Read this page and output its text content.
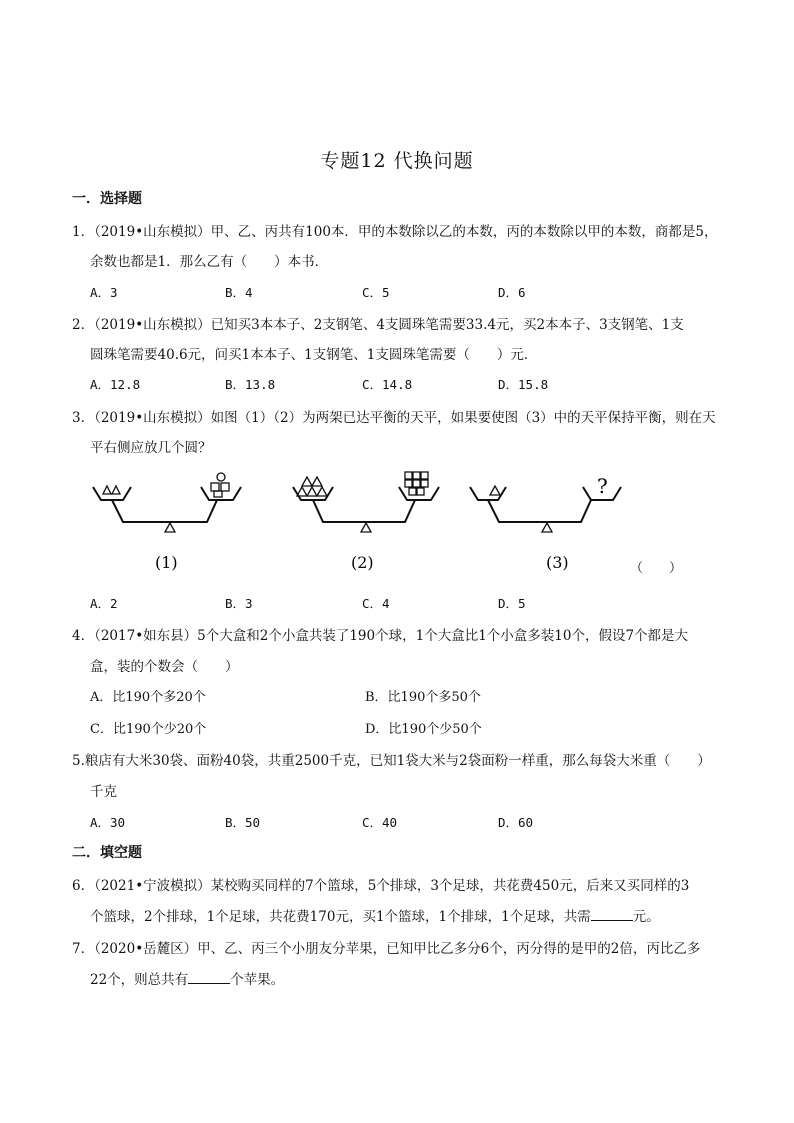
专题12 代换问题
一．选择题
1．（2019•山东模拟）甲、乙、丙共有100本．甲的本数除以乙的本数，丙的本数除以甲的本数，商都是5，
余数也都是1．那么乙有（　　）本书．
A．3	B．4	C．5	D．6
2．（2019•山东模拟）已知买3本本子、2支钢笔、4支圆珠笔需要33.4元，买2本本子、3支钢笔、1支
圆珠笔需要40.6元，问买1本本子、1支钢笔、1支圆珠笔需要（　　）元．
A．12.8	B．13.8	C．14.8	D．15.8
3．（2019•山东模拟）如图（1）（2）为两架已达平衡的天平，如果要使图（3）中的天平保持平衡，则在天
平右侧应放几个圆？
?
(1)	(2)	(3)	（　　）
A．2	B．3	C．4	D．5
4．（2017•如东县）5个大盒和2个小盒共装了190个球，1个大盒比1个小盒多装10个，假设7个都是大
盒，装的个数会（　　）
A．比190个多20个	B．比190个多50个
C．比190个少20个	D．比190个少50个
5.粮店有大米30袋、面粉40袋，共重2500千克，已知1袋大米与2袋面粉一样重，那么每袋大米重（　　）
千克
A．30	B．50	C．40	D．60
二．填空题
6．（2021•宁波模拟）某校购买同样的7个篮球，5个排球，3个足球，共花费450元，后来又买同样的3
个篮球，2个排球，1个足球，共花费170元，买1个篮球，1个排球，1个足球，共需	元。
7．（2020•岳麓区）甲、乙、丙三个小朋友分苹果，已知甲比乙多分6个，丙分得的是甲的2倍，丙比乙多
22个，则总共有	个苹果。
